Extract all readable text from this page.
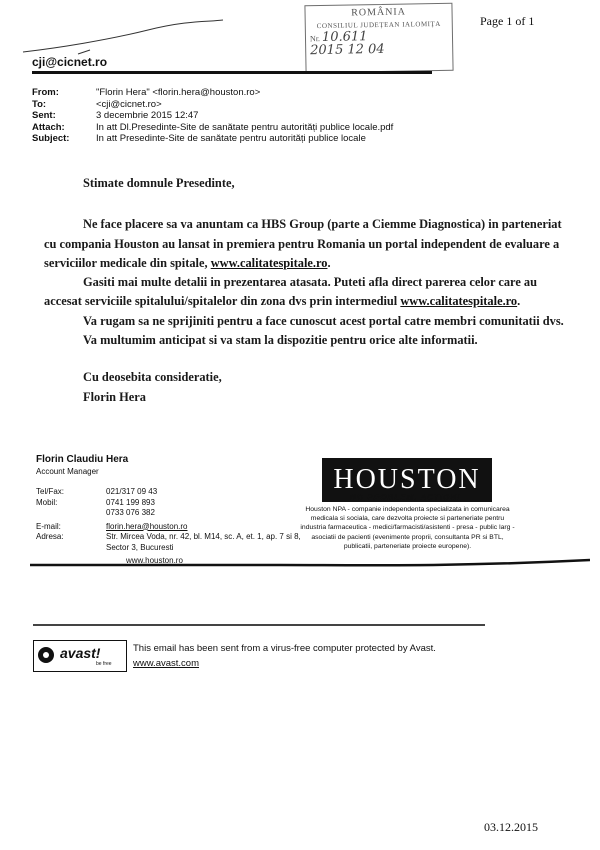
Page 1 of 1
ROMÂNIA
CONSILIUL JUDEȚEAN IALOMIȚA
Nr. 10.611
2015 12 04
cji@cicnet.ro
From:	"Florin Hera" <florin.hera@houston.ro>
To:	<cji@cicnet.ro>
Sent:	3 decembrie 2015 12:47
Attach:	In att Dl.Presedinte-Site de sanătate pentru autorități publice locale.pdf
Subject:	In att Presedinte-Site de sanătate pentru autorități publice locale

Stimate domnule Presedinte,

Ne face placere sa va anuntam ca HBS Group (parte a Ciemme Diagnostica) in parteneriat cu compania Houston au lansat in premiera pentru Romania un portal independent de evaluare a serviciilor medicale din spitale, www.calitatespitale.ro.

Gasiti mai multe detalii in prezentarea atasata. Puteti afla direct parerea celor care au accesat serviciile spitalului/spitalelor din zona dvs prin intermediul www.calitatespitale.ro.

Va rugam sa ne sprijiniti pentru a face cunoscut acest portal catre membri comunitatii dvs.

Va multumim anticipat si va stam la dispozitie pentru orice alte informatii.

Cu deosebita consideratie,

Florin Hera

Florin Claudiu Hera
Account Manager
Tel/Fax:	021/317 09 43
Mobil:	0741 199 893
0733 076 382
E-mail:	florin.hera@houston.ro
Adresa:	Str. Mircea Voda, nr. 42, bl. M14, sc. A, et. 1, ap. 7 si 8, Sector 3, Bucuresti
www.houston.ro
HOUSTON
NO PROBLEM. ACTION!
Houston NPA - companie independenta specializata in comunicarea medicala si sociala, care dezvolta proiecte si parteneriate pentru industria farmaceutica - medici/farmacisti/asistenti - presa - public larg - asociatii de pacienti (evenimente proprii, consultanta PR si BTL, publicatii, parteneriate proiecte europene).
avast!
be free
This email has been sent from a virus-free computer protected by Avast.
www.avast.com
03.12.2015
